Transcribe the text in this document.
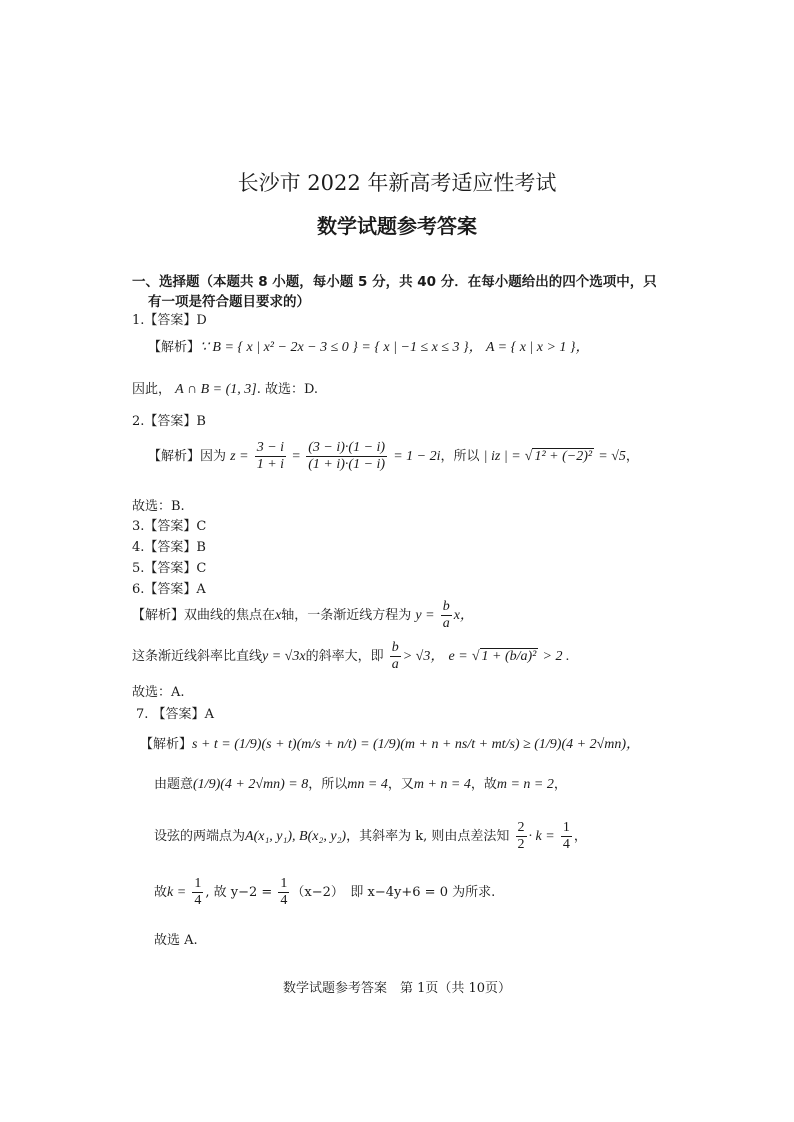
长沙市 2022 年新高考适应性考试
数学试题参考答案
一、选择题（本题共 8 小题，每小题 5 分，共 40 分．在每小题给出的四个选项中，只
有一项是符合题目要求的）
1.【答案】D
【解析】∵ B = { x | x² − 2x − 3 ≤ 0 } = { x | −1 ≤ x ≤ 3 }， A = { x | x > 1 }，
因此， A ∩ B = (1, 3]. 故选：D.
2.【答案】B
【解析】因为 $z = \frac{3 - i}{1 + i} = \frac{(3 - i)\cdot(1 - i)}{(1 + i)\cdot(1 - i)} = 1 - 2i$，所以 | iz | = √ 1² + (−2)² = √5，
故选：B.
3.【答案】C
4.【答案】B
5.【答案】C
6.【答案】A
【解析】双曲线的焦点在x轴，一条渐近线方程为 $y = \frac{b}{a}$ x，
这条渐近线斜率比直线y = √3x的斜率大，即 $\frac{b}{a} > √3$， e = √ 1 + (b/a)² > 2 .
故选：A.
7. 【答案】A
【解析】s + t = (1/9)(s + t)(m/s + n/t) = (1/9)(m + n + ns/t + mt/s) ≥ (1/9)(4 + 2√mn)，
由题意(1/9)(4 + 2√mn) = 8，所以mn = 4，又m + n = 4，故m = n = 2，
设弦的两端点为A(x₁, y₁), B(x₂, y₂)，其斜率为 k, 则由点差法知 $\frac{2}{2} \cdot k = \frac{1}{4}$ ，
故$k = \frac{1}{4}$ , 故 $y-2 = \frac{1}{4} (x-2)$　即 x−4y+6 = 0 为所求.
故选 A.
数学试题参考答案　第 1页（共 10页）
